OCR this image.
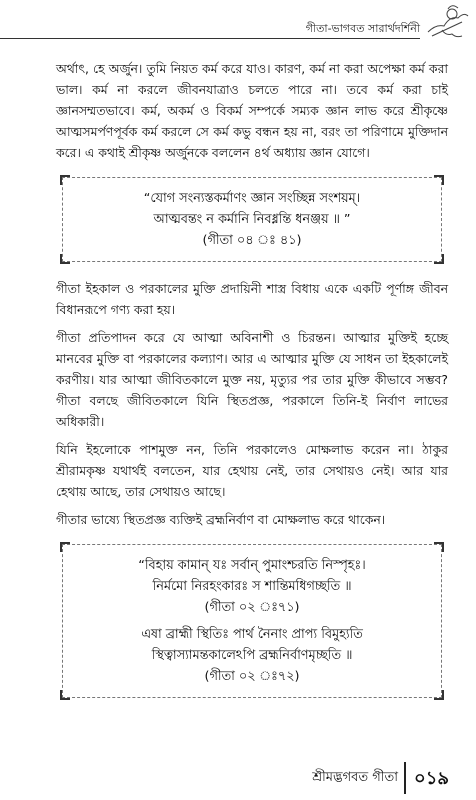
গীতা-ভাগবত সারার্থদর্শিনী

অর্থাৎ, হে অর্জুন। তুমি নিয়ত কর্ম করে যাও। কারণ, কর্ম না করা অপেক্ষা কর্ম করা ভাল। কর্ম না করলে জীবনযাত্রাও চলতে পারে না। তবে কর্ম করা চাই জ্ঞানসম্মতভাবে। কর্ম, অকর্ম ও বিকর্ম সম্পর্কে সম্যক জ্ঞান লাভ করে শ্রীকৃষ্ণে আত্মসমর্পণপূর্বক কর্ম করলে সে কর্ম কভু বন্ধন হয় না, বরং তা পরিণামে মুক্তিদান করে। এ কথাই শ্রীকৃষ্ণ অর্জুনকে বললেন ৪র্থ অধ্যায় জ্ঞান যোগে।

“যোগ সংন্যস্তকর্মাণং জ্ঞান সংচ্ছিন্ন সংশয়ম্।
আত্মবন্তং ন কর্মানি নিবধ্নন্তি ধনঞ্জয় ॥ ”
(গীতা ০৪ ঃ ৪১)

গীতা ইহকাল ও পরকালের মুক্তি প্রদায়িনী শাস্ত্র বিধায় একে একটি পূর্ণাঙ্গ জীবন বিধানরূপে গণ্য করা হয়।

গীতা প্রতিপাদন করে যে আত্মা অবিনাশী ও চিরন্তন। আত্মার মুক্তিই হচ্ছে মানবের মুক্তি বা পরকালের কল্যাণ। আর এ আত্মার মুক্তি যে সাধন তা ইহকালেই করণীয়। যার আত্মা জীবিতকালে মুক্ত নয়, মৃত্যুর পর তার মুক্তি কীভাবে সম্ভব? গীতা বলছে জীবিতকালে যিনি স্থিতপ্রজ্ঞ, পরকালে তিনি-ই নির্বাণ লাভের অধিকারী।

যিনি ইহলোকে পাশমুক্ত নন, তিনি পরকালেও মোক্ষলাভ করেন না। ঠাকুর শ্রীরামকৃষ্ণ যথার্থই বলতেন, যার হেথায় নেই, তার সেথায়ও নেই। আর যার হেথায় আছে, তার সেথায়ও আছে।

গীতার ভাষ্যে স্থিতপ্রজ্ঞ ব্যক্তিই ব্রহ্মনির্বাণ বা মোক্ষলাভ করে থাকেন।

“বিহায় কামান্ যঃ সর্বান্ পুমাংশ্চরতি নিস্পৃহঃ।
নির্মমো নিরহংকারঃ স শান্তিমধিগচ্ছতি ॥
(গীতা ০২ ঃ৭১)
এষা ব্রাহ্মী স্থিতিঃ পার্থ নৈনাং প্রাপ্য বিমুহ্যতি
স্থিত্বাস্যামন্তকালেঽপি ব্রহ্মনির্বাণমৃচ্ছতি ॥
(গীতা ০২ ঃ৭২)
শ্রীমদ্ভগবত গীতা ০১৯
